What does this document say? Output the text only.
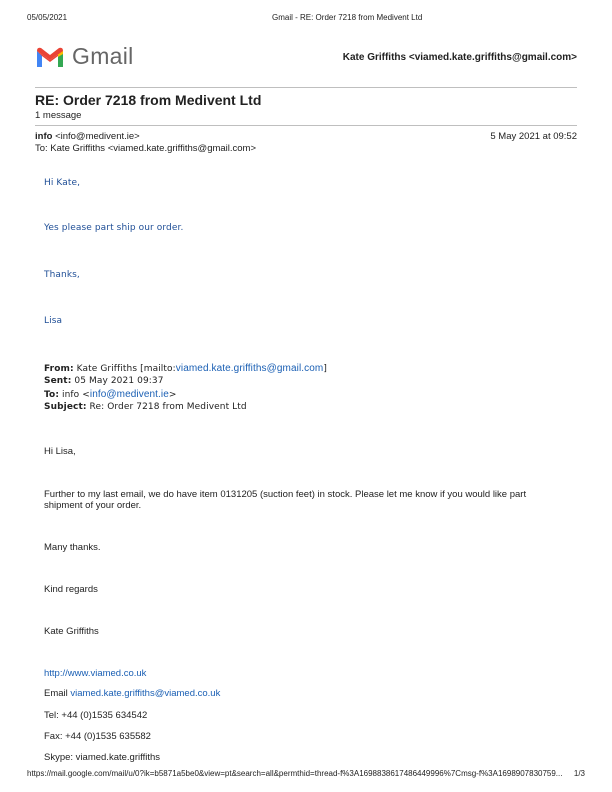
05/05/2021	Gmail - RE: Order 7218 from Medivent Ltd
Gmail	Kate Griffiths <viamed.kate.griffiths@gmail.com>
RE: Order 7218 from Medivent Ltd
1 message
info <info@medivent.ie>	5 May 2021 at 09:52
To: Kate Griffiths <viamed.kate.griffiths@gmail.com>
Hi Kate,
Yes please part ship our order.
Thanks,
Lisa
From: Kate Griffiths [mailto:viamed.kate.griffiths@gmail.com]
Sent: 05 May 2021 09:37
To: info <info@medivent.ie>
Subject: Re: Order 7218 from Medivent Ltd
Hi Lisa,
Further to my last email, we do have item 0131205 (suction feet) in stock. Please let me know if you would like part
shipment of your order.
Many thanks.
Kind regards
Kate Griffiths
http://www.viamed.co.uk
Email viamed.kate.griffiths@viamed.co.uk
Tel: +44 (0)1535 634542
Fax: +44 (0)1535 635582
Skype: viamed.kate.griffiths
https://mail.google.com/mail/u/0?ik=b5871a5be0&view=pt&search=all&permthid=thread-f%3A1698838617486449996%7Cmsg-f%3A1698907830759...	1/3
